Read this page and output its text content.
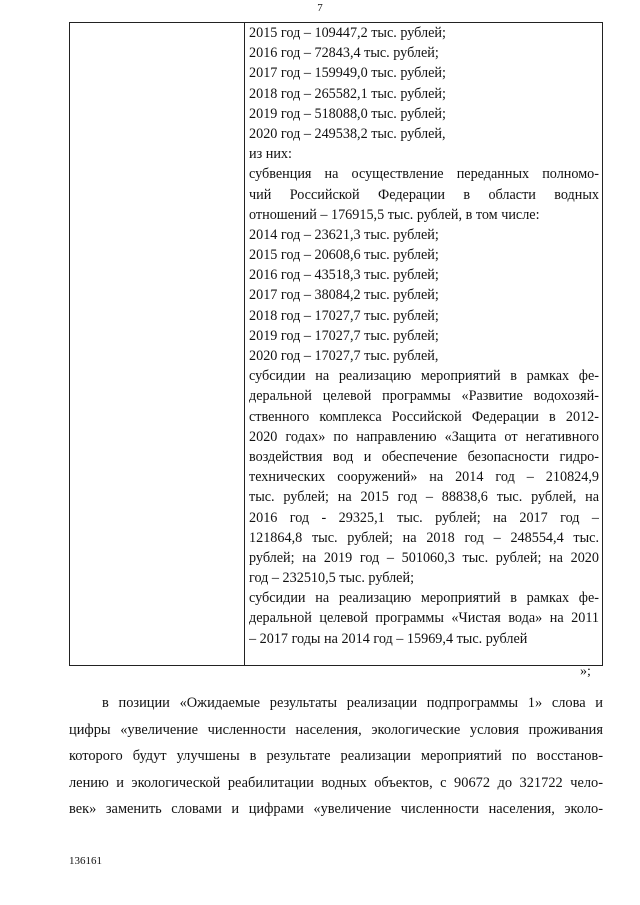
7
2015 год – 109447,2 тыс. рублей;
2016 год – 72843,4 тыс. рублей;
2017 год – 159949,0 тыс. рублей;
2018 год – 265582,1 тыс. рублей;
2019 год – 518088,0 тыс. рублей;
2020 год – 249538,2 тыс. рублей,
из них:
субвенция на осуществление переданных полномо-
чий Российской Федерации в области водных
отношений – 176915,5 тыс. рублей, в том числе:
2014 год – 23621,3 тыс. рублей;
2015 год – 20608,6 тыс. рублей;
2016 год – 43518,3 тыс. рублей;
2017 год – 38084,2 тыс. рублей;
2018 год – 17027,7 тыс. рублей;
2019 год – 17027,7 тыс. рублей;
2020 год – 17027,7 тыс. рублей,
субсидии на реализацию мероприятий в рамках фе-
деральной целевой программы «Развитие водохозяй-
ственного комплекса Российской Федерации в 2012-
2020 годах» по направлению «Защита от негативного
воздействия вод и обеспечение безопасности гидро-
технических сооружений» на 2014 год – 210824,9
тыс. рублей; на 2015 год – 88838,6 тыс. рублей, на
2016 год - 29325,1 тыс. рублей; на 2017 год –
121864,8 тыс. рублей; на 2018 год – 248554,4 тыс.
рублей; на 2019 год – 501060,3 тыс. рублей; на 2020
год – 232510,5 тыс. рублей;
субсидии на реализацию мероприятий в рамках фе-
деральной целевой программы «Чистая вода» на 2011
– 2017 годы на 2014 год – 15969,4 тыс. рублей
»;
в позиции «Ожидаемые результаты реализации подпрограммы 1» слова и
цифры «увеличение численности населения, экологические условия проживания
которого будут улучшены в результате реализации мероприятий по восстанов-
лению и экологической реабилитации водных объектов, с 90672 до 321722 чело-
век» заменить словами и цифрами «увеличение численности населения, эколо-
136161
